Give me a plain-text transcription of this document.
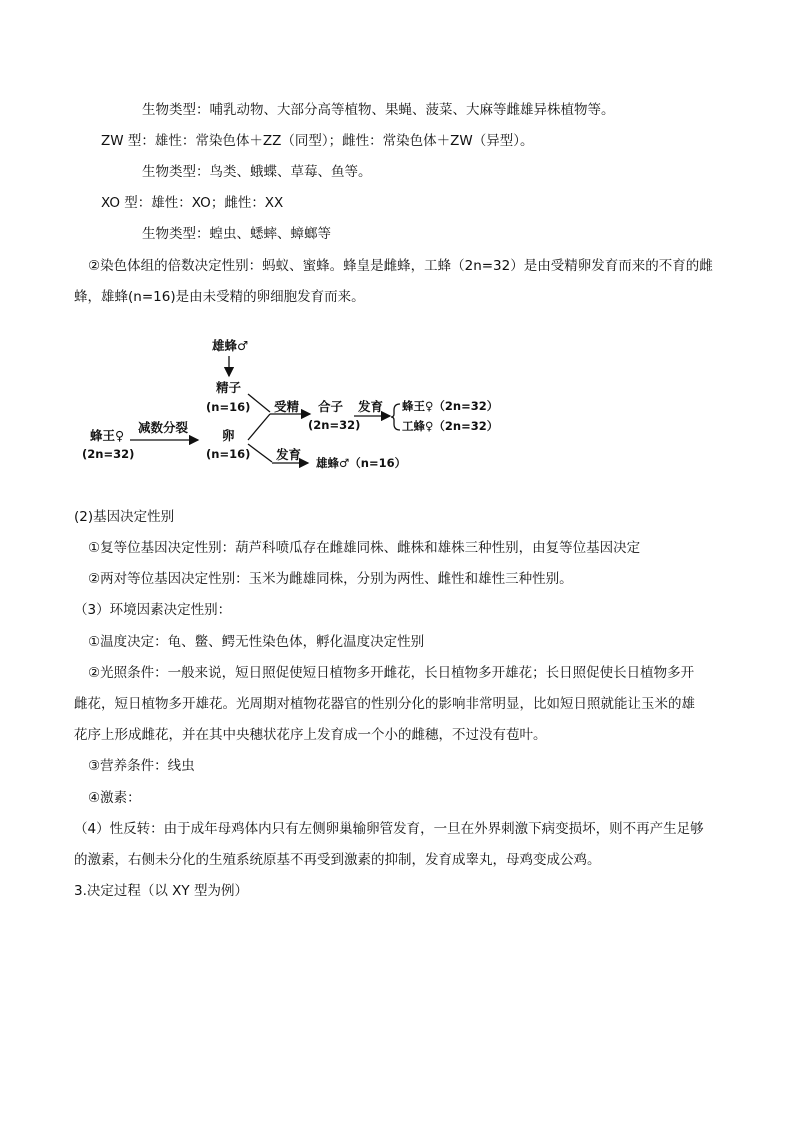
生物类型：哺乳动物、大部分高等植物、果蝇、菠菜、大麻等雌雄异株植物等。
ZW 型：雄性：常染色体＋ZZ（同型）；雌性：常染色体＋ZW（异型）。
生物类型：鸟类、蛾蝶、草莓、鱼等。
XO 型：雄性：XO；雌性：XX
生物类型：蝗虫、蟋蟀、蟑螂等
②染色体组的倍数决定性别：蚂蚁、蜜蜂。蜂皇是雌蜂，工蜂（2n=32）是由受精卵发育而来的不育的雌
蜂，雄蜂(n=16)是由未受精的卵细胞发育而来。
雄蜂♂
精子
(n=16)
蜂王♀
(2n=32)
减数分裂
卵
(n=16)
受精 合子
(2n=32)
发育 蜂王♀（2n=32）
工蜂♀（2n=32）
发育
雄蜂♂（n=16）
(2)基因决定性别
①复等位基因决定性别：葫芦科喷瓜存在雌雄同株、雌株和雄株三种性别，由复等位基因决定
②两对等位基因决定性别：玉米为雌雄同株，分别为两性、雌性和雄性三种性别。
（3）环境因素决定性别：
①温度决定：龟、鳖、鳄无性染色体，孵化温度决定性别
②光照条件：一般来说，短日照促使短日植物多开雌花，长日植物多开雄花；长日照促使长日植物多开
雌花，短日植物多开雄花。光周期对植物花器官的性别分化的影响非常明显，比如短日照就能让玉米的雄
花序上形成雌花，并在其中央穗状花序上发育成一个小的雌穗，不过没有苞叶。
③营养条件：线虫
④激素：
（4）性反转：由于成年母鸡体内只有左侧卵巢输卵管发育，一旦在外界刺激下病变损坏，则不再产生足够
的激素，右侧未分化的生殖系统原基不再受到激素的抑制，发育成睾丸，母鸡变成公鸡。
3.决定过程（以 XY 型为例）
